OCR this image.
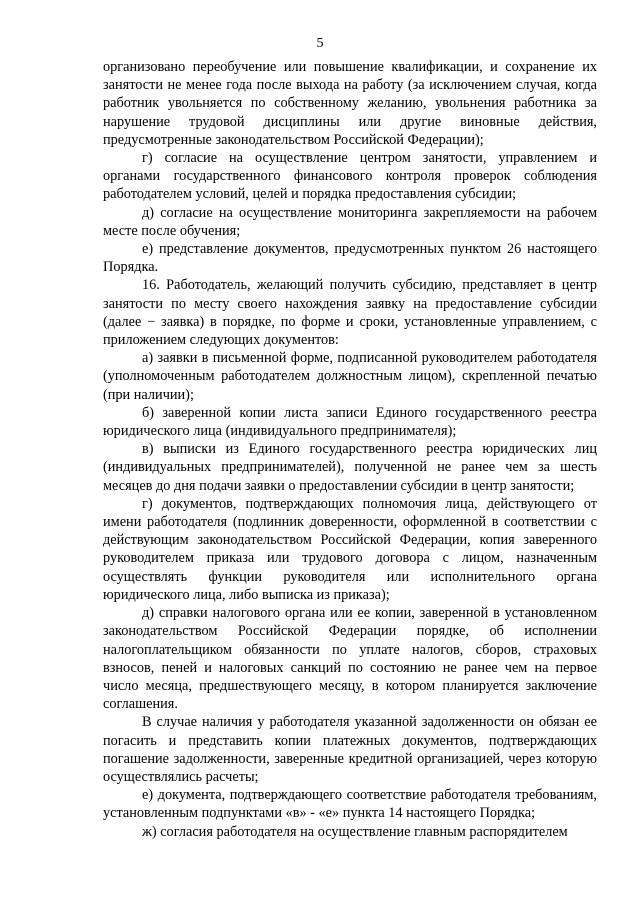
5

организовано переобучение или повышение квалификации, и сохранение их занятости не менее года после выхода на работу (за исключением случая, когда работник увольняется по собственному желанию, увольнения работника за нарушение трудовой дисциплины или другие виновные действия, предусмотренные законодательством Российской Федерации);

г) согласие на осуществление центром занятости, управлением и органами государственного финансового контроля проверок соблюдения работодателем условий, целей и порядка предоставления субсидии;

д) согласие на осуществление мониторинга закрепляемости на рабочем месте после обучения;

е) представление документов, предусмотренных пунктом 26 настоящего Порядка.

16. Работодатель, желающий получить субсидию, представляет в центр занятости по месту своего нахождения заявку на предоставление субсидии (далее − заявка) в порядке, по форме и сроки, установленные управлением, с приложением следующих документов:

а) заявки в письменной форме, подписанной руководителем работодателя (уполномоченным работодателем должностным лицом), скрепленной печатью (при наличии);

б) заверенной копии листа записи Единого государственного реестра юридического лица (индивидуального предпринимателя);

в) выписки из Единого государственного реестра юридических лиц (индивидуальных предпринимателей), полученной не ранее чем за шесть месяцев до дня подачи заявки о предоставлении субсидии в центр занятости;

г) документов, подтверждающих полномочия лица, действующего от имени работодателя (подлинник доверенности, оформленной в соответствии с действующим законодательством Российской Федерации, копия заверенного руководителем приказа или трудового договора с лицом, назначенным осуществлять функции руководителя или исполнительного органа юридического лица, либо выписка из приказа);

д) справки налогового органа или ее копии, заверенной в установленном законодательством Российской Федерации порядке, об исполнении налогоплательщиком обязанности по уплате налогов, сборов, страховых взносов, пеней и налоговых санкций по состоянию не ранее чем на первое число месяца, предшествующего месяцу, в котором планируется заключение соглашения.

В случае наличия у работодателя указанной задолженности он обязан ее погасить и представить копии платежных документов, подтверждающих погашение задолженности, заверенные кредитной организацией, через которую осуществлялись расчеты;

е) документа, подтверждающего соответствие работодателя требованиям, установленным подпунктами «в» - «е» пункта 14 настоящего Порядка;

ж) согласия работодателя на осуществление главным распорядителем
